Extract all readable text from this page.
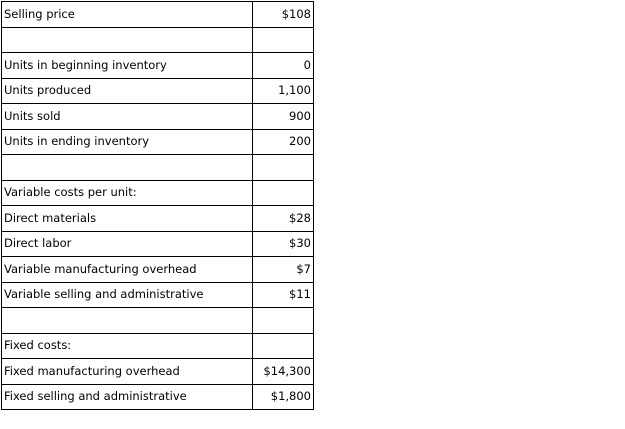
Selling price	$108

Units in beginning inventory	0
Units produced	1,100
Units sold	900
Units in ending inventory	200

Variable costs per unit:	
Direct materials	$28
Direct labor	$30
Variable manufacturing overhead	$7
Variable selling and administrative	$11

Fixed costs:	
Fixed manufacturing overhead	$14,300
Fixed selling and administrative	$1,800
